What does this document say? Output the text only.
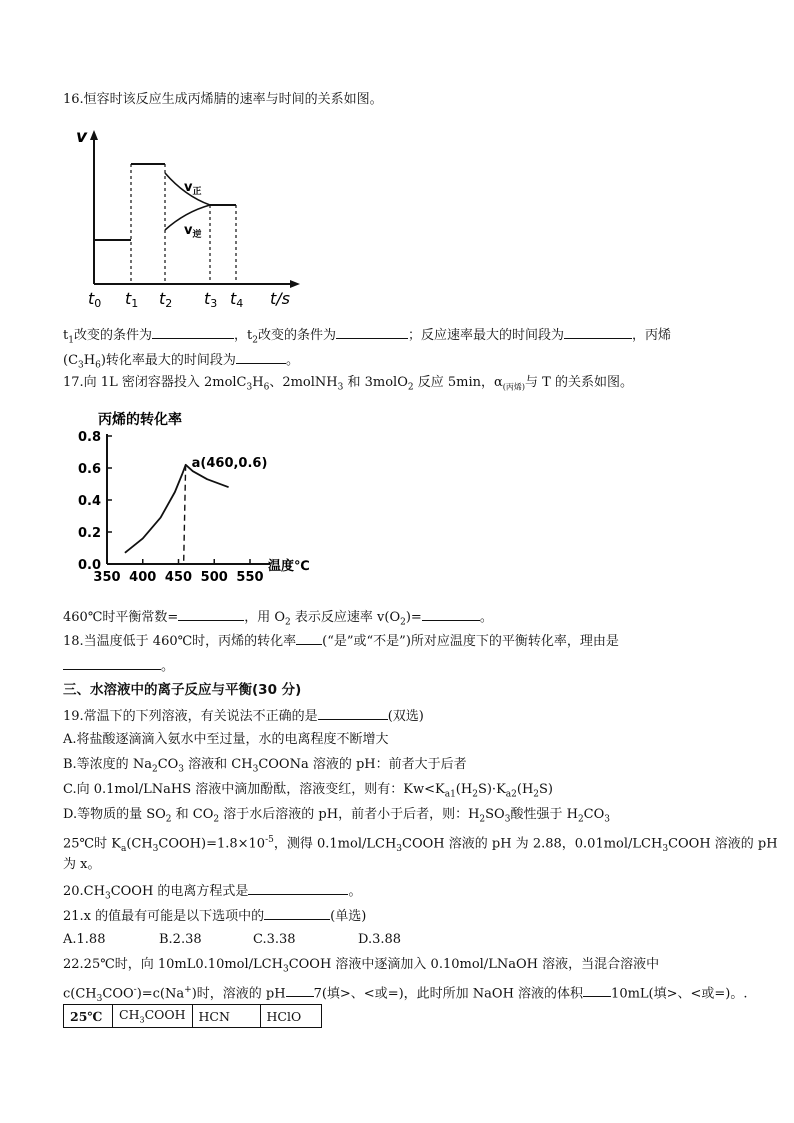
16.恒容时该反应生成丙烯腈的速率与时间的关系如图。
v
$v_正$
$v_逆$
t0 t1 t2 t3 t4 t/s
$t_1$改变的条件为	，$t_2$改变的条件为	；反应速率最大的时间段为	，丙烯
$(C_3H_6)$转化率最大的时间段为	。
17.向 1L 密闭容器投入 $2molC_3H_6$、2molNH$_3$ 和 3molO$_2$ 反应 5min，$\alpha_{(丙烯)}$与 T 的关系如图。
丙烯的转化率
温度℃
0.8
0.6
0.4
0.2
0.0
350 400 450 500 550
a(460,0.6)
460℃时平衡常数=	，用 $O_2$ 表示反应速率 $v(O_2)=$	。
18.当温度低于 460℃时，丙烯的转化率 (“是”或“不是”)所对应温度下的平衡转化率，理由是
。
三、水溶液中的离子反应与平衡(30 分)
19.常温下的下列溶液，有关说法不正确的是	(双选)
A.将盐酸逐滴滴入氨水中至过量，水的电离程度不断增大
B.等浓度的 $Na_2CO_3$ 溶液和 $CH_3COONa$ 溶液的 pH：前者大于后者
C.向 0.1mol/LNaHS 溶液中滴加酚酞，溶液变红，则有：$Kw<K_{a1}(H_2S)\cdot K_{a2}(H_2S)$
D.等物质的量 $SO_2$ 和 $CO_2$ 溶于水后溶液的 pH，前者小于后者，则：$H_2SO_3$酸性强于 $H_2CO_3$
25℃时 $K_a(CH_3COOH)=1.8\times 10^{-5}$，测得 $0.1mol/LCH_3COOH$ 溶液的 pH 为 2.88，$0.01mol/LCH_3COOH$ 溶液的 pH
为 x。
$20.CH_3COOH$ 的电离方程式是	。
21.x 的值最有可能是以下选项中的	(单选)
A.1.88	B.2.38	C.3.38	D.3.88
22.25℃时，向 $10mL0.10mol/LCH_3COOH$ 溶液中逐滴加入 0.10mol/LNaOH 溶液，当混合溶液中
$c(CH_3COO^-)=c(Na^+)$时，溶液的 pH 7(填>、<或=)，此时所加 NaOH 溶液的体积 10mL(填>、<或=)。.
25℃	$CH_3COOH$	HCN	HClO
